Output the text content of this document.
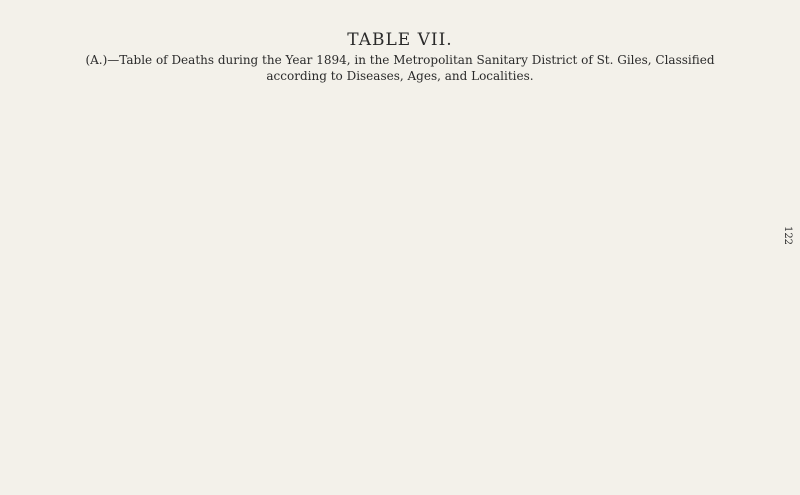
TABLE VII.
(A.)—Table of Deaths during the Year 1894, in the Metropolitan Sanitary District of St. Giles, Classified according to Diseases, Ages, and Localities.
122
